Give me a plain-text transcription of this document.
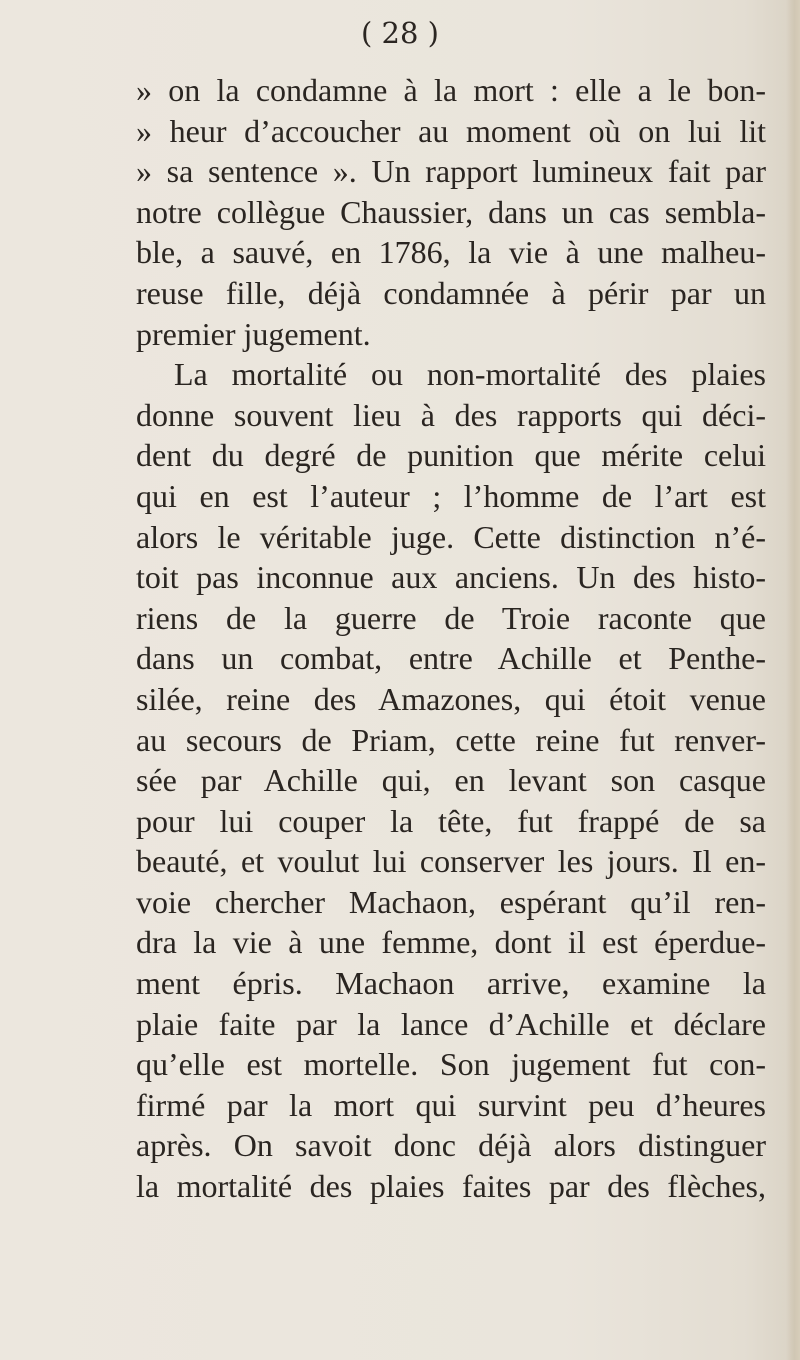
( 28 )
» on la condamne à la mort : elle a le bon-
» heur d’accoucher au moment où on lui lit
» sa sentence ». Un rapport lumineux fait par
notre collègue Chaussier, dans un cas sembla-
ble, a sauvé, en 1786, la vie à une malheu-
reuse fille, déjà condamnée à périr par un
premier jugement.
La mortalité ou non-mortalité des plaies
donne souvent lieu à des rapports qui déci-
dent du degré de punition que mérite celui
qui en est l’auteur ; l’homme de l’art est
alors le véritable juge. Cette distinction n’é-
toit pas inconnue aux anciens. Un des histo-
riens de la guerre de Troie raconte que
dans un combat, entre Achille et Penthe-
silée, reine des Amazones, qui étoit venue
au secours de Priam, cette reine fut renver-
sée par Achille qui, en levant son casque
pour lui couper la tête, fut frappé de sa
beauté, et voulut lui conserver les jours. Il en-
voie chercher Machaon, espérant qu’il ren-
dra la vie à une femme, dont il est éperdue-
ment épris. Machaon arrive, examine la
plaie faite par la lance d’Achille et déclare
qu’elle est mortelle. Son jugement fut con-
firmé par la mort qui survint peu d’heures
après. On savoit donc déjà alors distinguer
la mortalité des plaies faites par des flèches,
